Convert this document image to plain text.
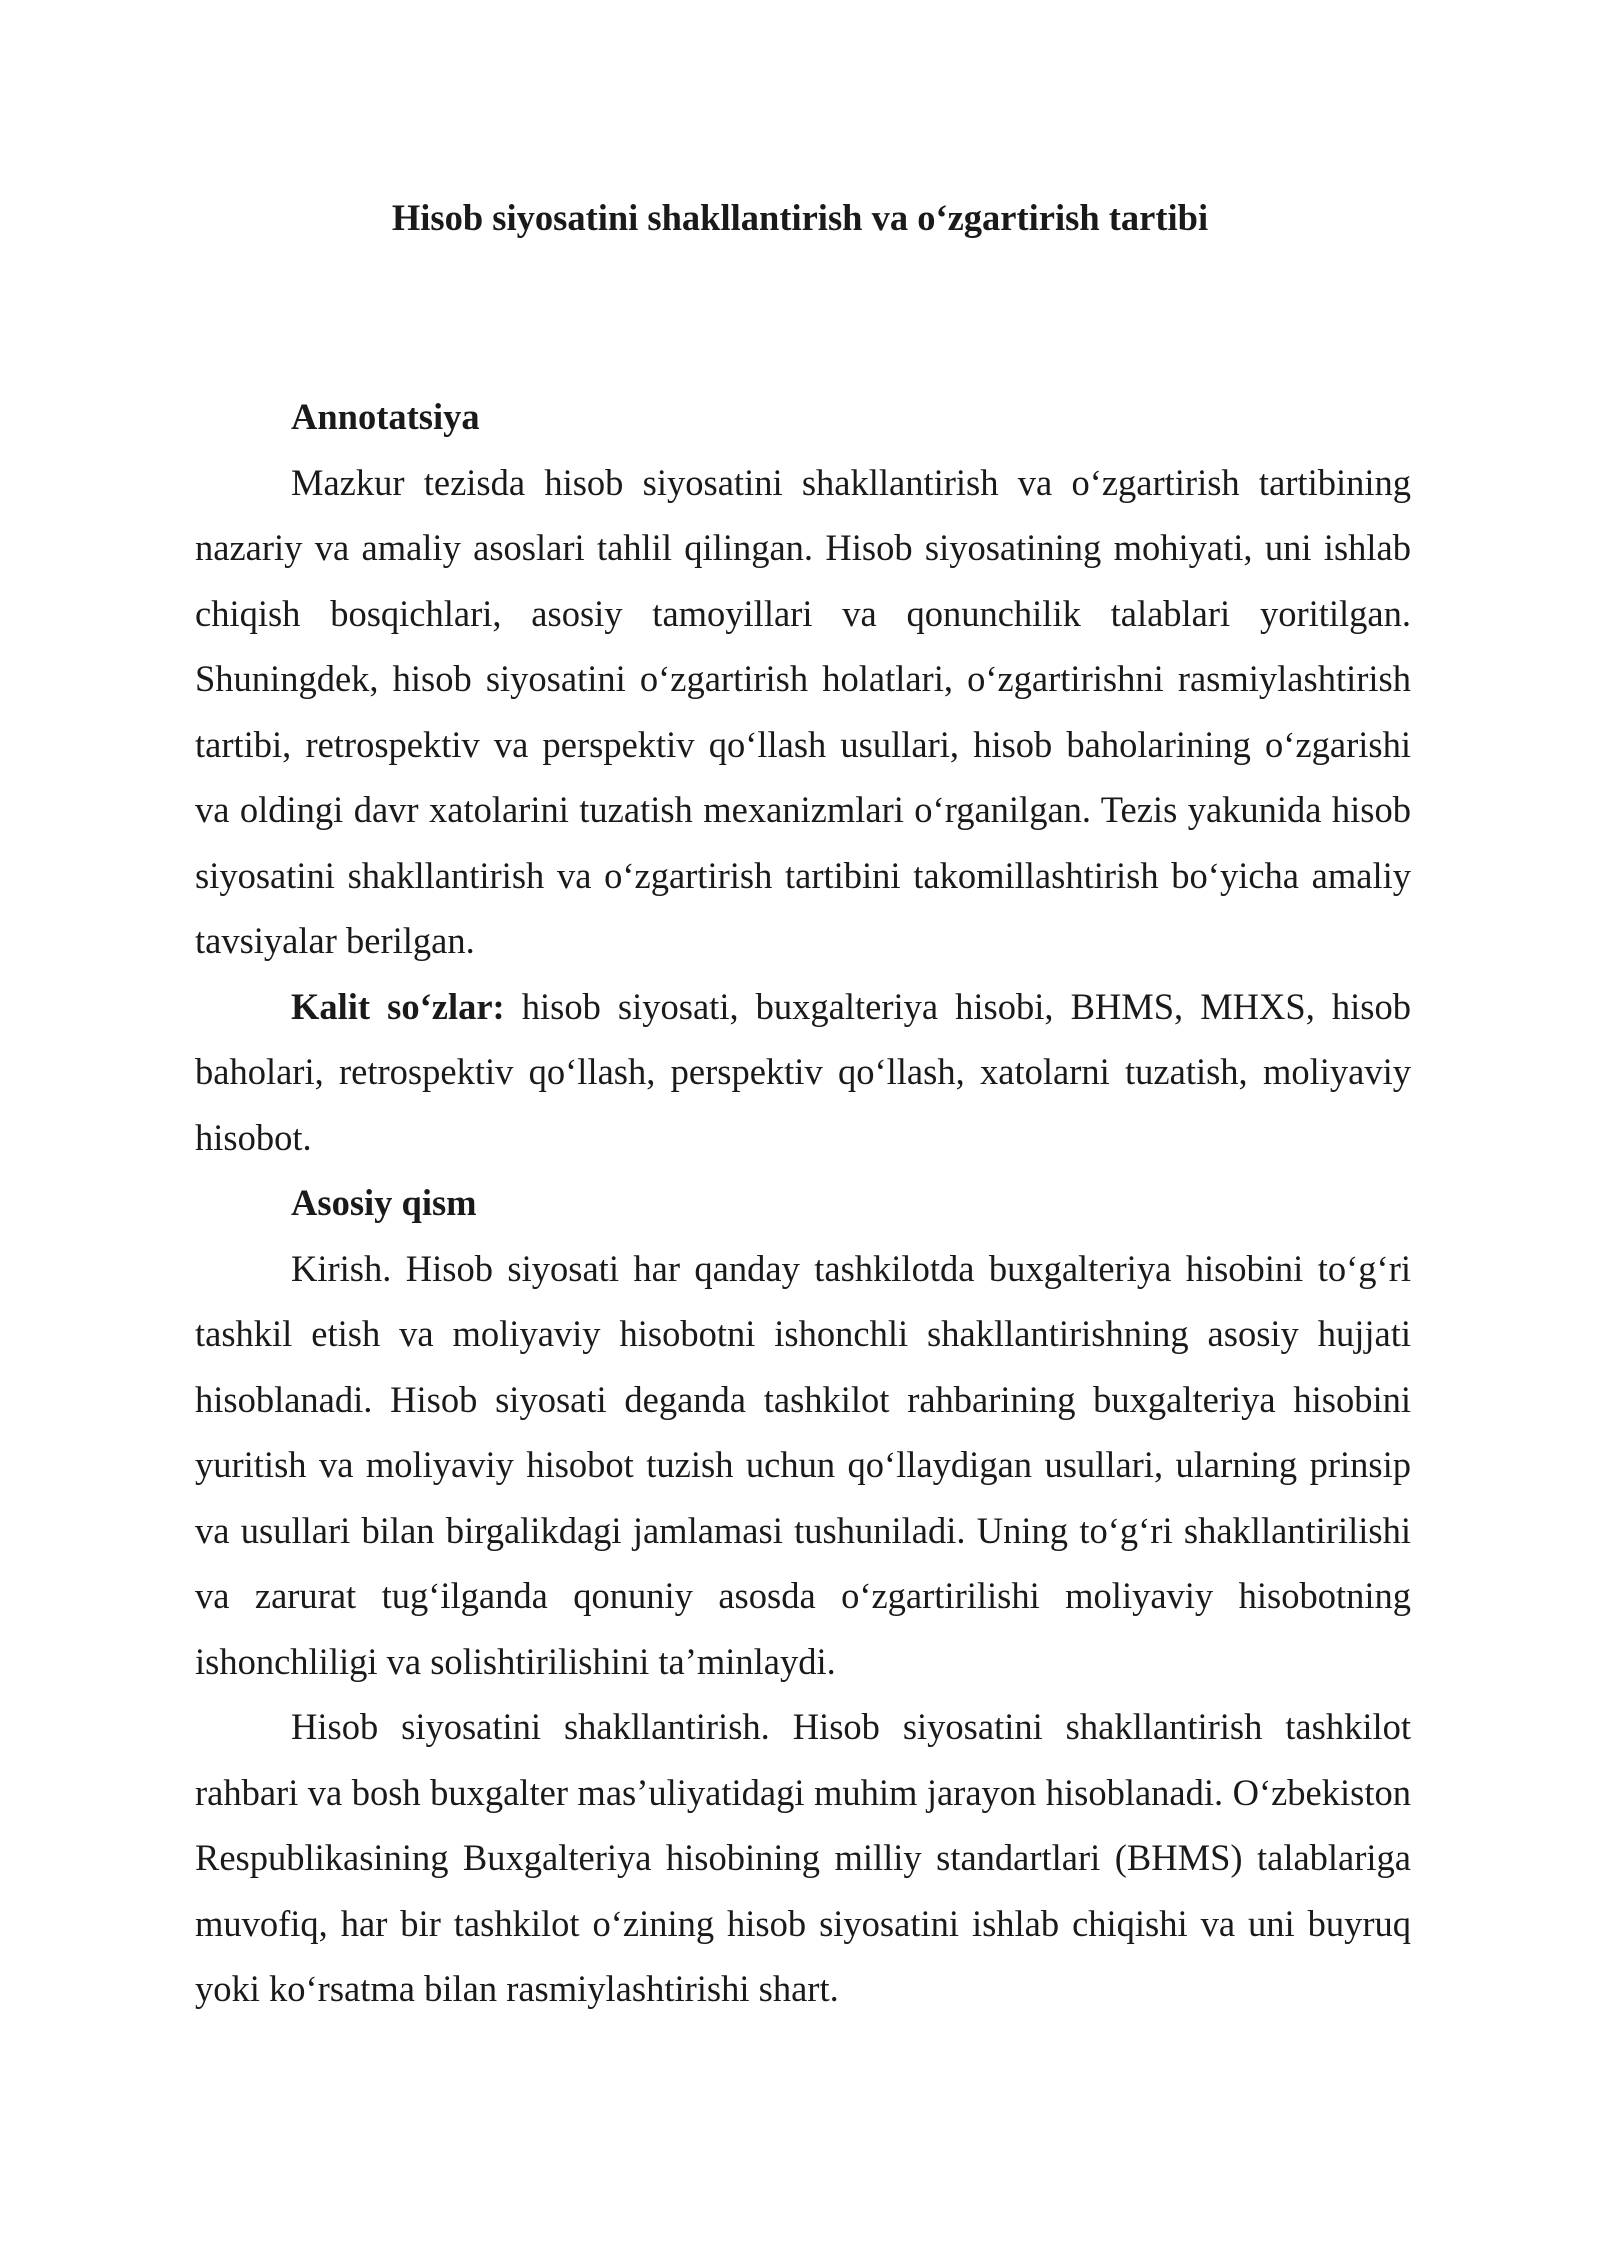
Hisob siyosatini shakllantirish va o‘zgartirish tartibi

Annotatsiya

Mazkur tezisda hisob siyosatini shakllantirish va o‘zgartirish tartibining nazariy va amaliy asoslari tahlil qilingan. Hisob siyosatining mohiyati, uni ishlab chiqish bosqichlari, asosiy tamoyillari va qonunchilik talablari yoritilgan. Shuningdek, hisob siyosatini o‘zgartirish holatlari, o‘zgartirishni rasmiylashtirish tartibi, retrospektiv va perspektiv qo‘llash usullari, hisob baholarining o‘zgarishi va oldingi davr xatolarini tuzatish mexanizmlari o‘rganilgan. Tezis yakunida hisob siyosatini shakllantirish va o‘zgartirish tartibini takomillashtirish bo‘yicha amaliy tavsiyalar berilgan.

Kalit so‘zlar: hisob siyosati, buxgalteriya hisobi, BHMS, MHXS, hisob baholari, retrospektiv qo‘llash, perspektiv qo‘llash, xatolarni tuzatish, moliyaviy hisobot.

Asosiy qism

Kirish. Hisob siyosati har qanday tashkilotda buxgalteriya hisobini to‘g‘ri tashkil etish va moliyaviy hisobotni ishonchli shakllantirishning asosiy hujjati hisoblanadi. Hisob siyosati deganda tashkilot rahbarining buxgalteriya hisobini yuritish va moliyaviy hisobot tuzish uchun qo‘llaydigan usullari, ularning prinsip va usullari bilan birgalikdagi jamlamasi tushuniladi. Uning to‘g‘ri shakllantirilishi va zarurat tug‘ilganda qonuniy asosda o‘zgartirilishi moliyaviy hisobotning ishonchliligi va solishtirilishini ta’minlaydi.

Hisob siyosatini shakllantirish. Hisob siyosatini shakllantirish tashkilot rahbari va bosh buxgalter mas’uliyatidagi muhim jarayon hisoblanadi. O‘zbekiston Respublikasining Buxgalteriya hisobining milliy standartlari (BHMS) talablariga muvofiq, har bir tashkilot o‘zining hisob siyosatini ishlab chiqishi va uni buyruq yoki ko‘rsatma bilan rasmiylashtirishi shart.
